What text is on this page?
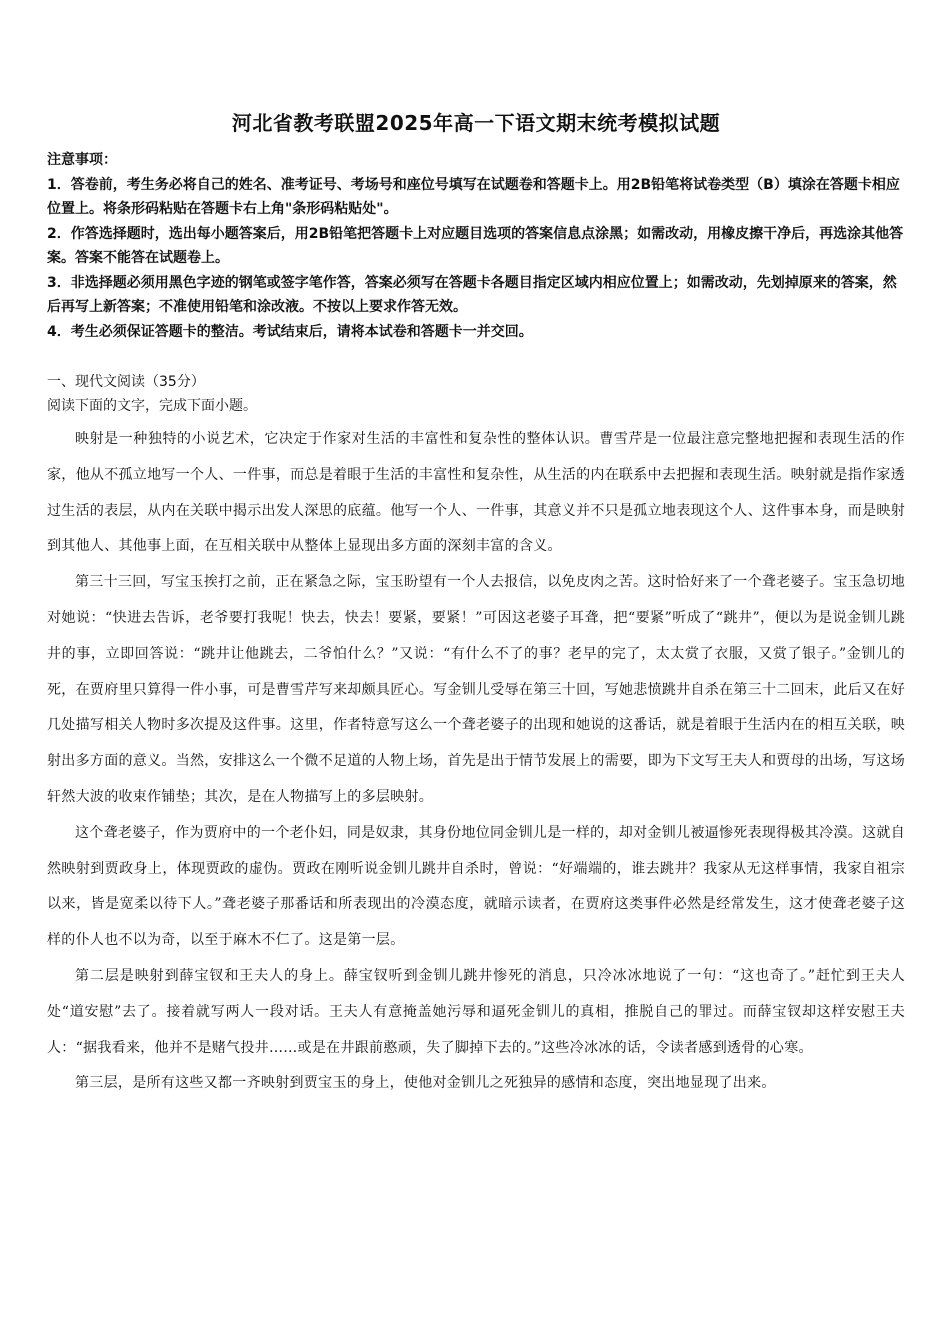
河北省教考联盟2025年高一下语文期末统考模拟试题

注意事项：

1．答卷前，考生务必将自己的姓名、准考证号、考场号和座位号填写在试题卷和答题卡上。用2B铅笔将试卷类型（B）填涂在答题卡相应位置上。将条形码粘贴在答题卡右上角"条形码粘贴处"。

2．作答选择题时，选出每小题答案后，用2B铅笔把答题卡上对应题目选项的答案信息点涂黑；如需改动，用橡皮擦干净后，再选涂其他答案。答案不能答在试题卷上。

3．非选择题必须用黑色字迹的钢笔或签字笔作答，答案必须写在答题卡各题目指定区域内相应位置上；如需改动，先划掉原来的答案，然后再写上新答案；不准使用铅笔和涂改液。不按以上要求作答无效。

4．考生必须保证答题卡的整洁。考试结束后，请将本试卷和答题卡一并交回。

一、现代文阅读（35分）

阅读下面的文字，完成下面小题。

映射是一种独特的小说艺术，它决定于作家对生活的丰富性和复杂性的整体认识。曹雪芹是一位最注意完整地把握和表现生活的作家，他从不孤立地写一个人、一件事，而总是着眼于生活的丰富性和复杂性，从生活的内在联系中去把握和表现生活。映射就是指作家透过生活的表层，从内在关联中揭示出发人深思的底蕴。他写一个人、一件事，其意义并不只是孤立地表现这个人、这件事本身，而是映射到其他人、其他事上面，在互相关联中从整体上显现出多方面的深刻丰富的含义。

第三十三回，写宝玉挨打之前，正在紧急之际，宝玉盼望有一个人去报信，以免皮肉之苦。这时恰好来了一个聋老婆子。宝玉急切地对她说：“快进去告诉，老爷要打我呢！快去，快去！要紧，要紧！”可因这老婆子耳聋，把“要紧”听成了“跳井”，便以为是说金钏儿跳井的事，立即回答说：“跳井让他跳去，二爷怕什么？”又说：“有什么不了的事？老早的完了，太太赏了衣服，又赏了银子。”金钏儿的死，在贾府里只算得一件小事，可是曹雪芹写来却颇具匠心。写金钏儿受辱在第三十回，写她悲愤跳井自杀在第三十二回末，此后又在好几处描写相关人物时多次提及这件事。这里，作者特意写这么一个聋老婆子的出现和她说的这番话，就是着眼于生活内在的相互关联，映射出多方面的意义。当然，安排这么一个微不足道的人物上场，首先是出于情节发展上的需要，即为下文写王夫人和贾母的出场，写这场轩然大波的收束作铺垫；其次，是在人物描写上的多层映射。

这个聋老婆子，作为贾府中的一个老仆妇，同是奴隶，其身份地位同金钏儿是一样的，却对金钏儿被逼惨死表现得极其冷漠。这就自然映射到贾政身上，体现贾政的虚伪。贾政在刚听说金钏儿跳井自杀时，曾说：“好端端的，谁去跳井？我家从无这样事情，我家自祖宗以来，皆是宽柔以待下人。”聋老婆子那番话和所表现出的冷漠态度，就暗示读者，在贾府这类事件必然是经常发生，这才使聋老婆子这样的仆人也不以为奇，以至于麻木不仁了。这是第一层。

第二层是映射到薛宝钗和王夫人的身上。薛宝钗听到金钏儿跳井惨死的消息，只冷冰冰地说了一句：“这也奇了。”赶忙到王夫人处“道安慰”去了。接着就写两人一段对话。王夫人有意掩盖她污辱和逼死金钏儿的真相，推脱自己的罪过。而薛宝钗却这样安慰王夫人：“据我看来，他并不是赌气投井……或是在井跟前憨顽，失了脚掉下去的。”这些冷冰冰的话，令读者感到透骨的心寒。

第三层，是所有这些又都一齐映射到贾宝玉的身上，使他对金钏儿之死独异的感情和态度，突出地显现了出来。
